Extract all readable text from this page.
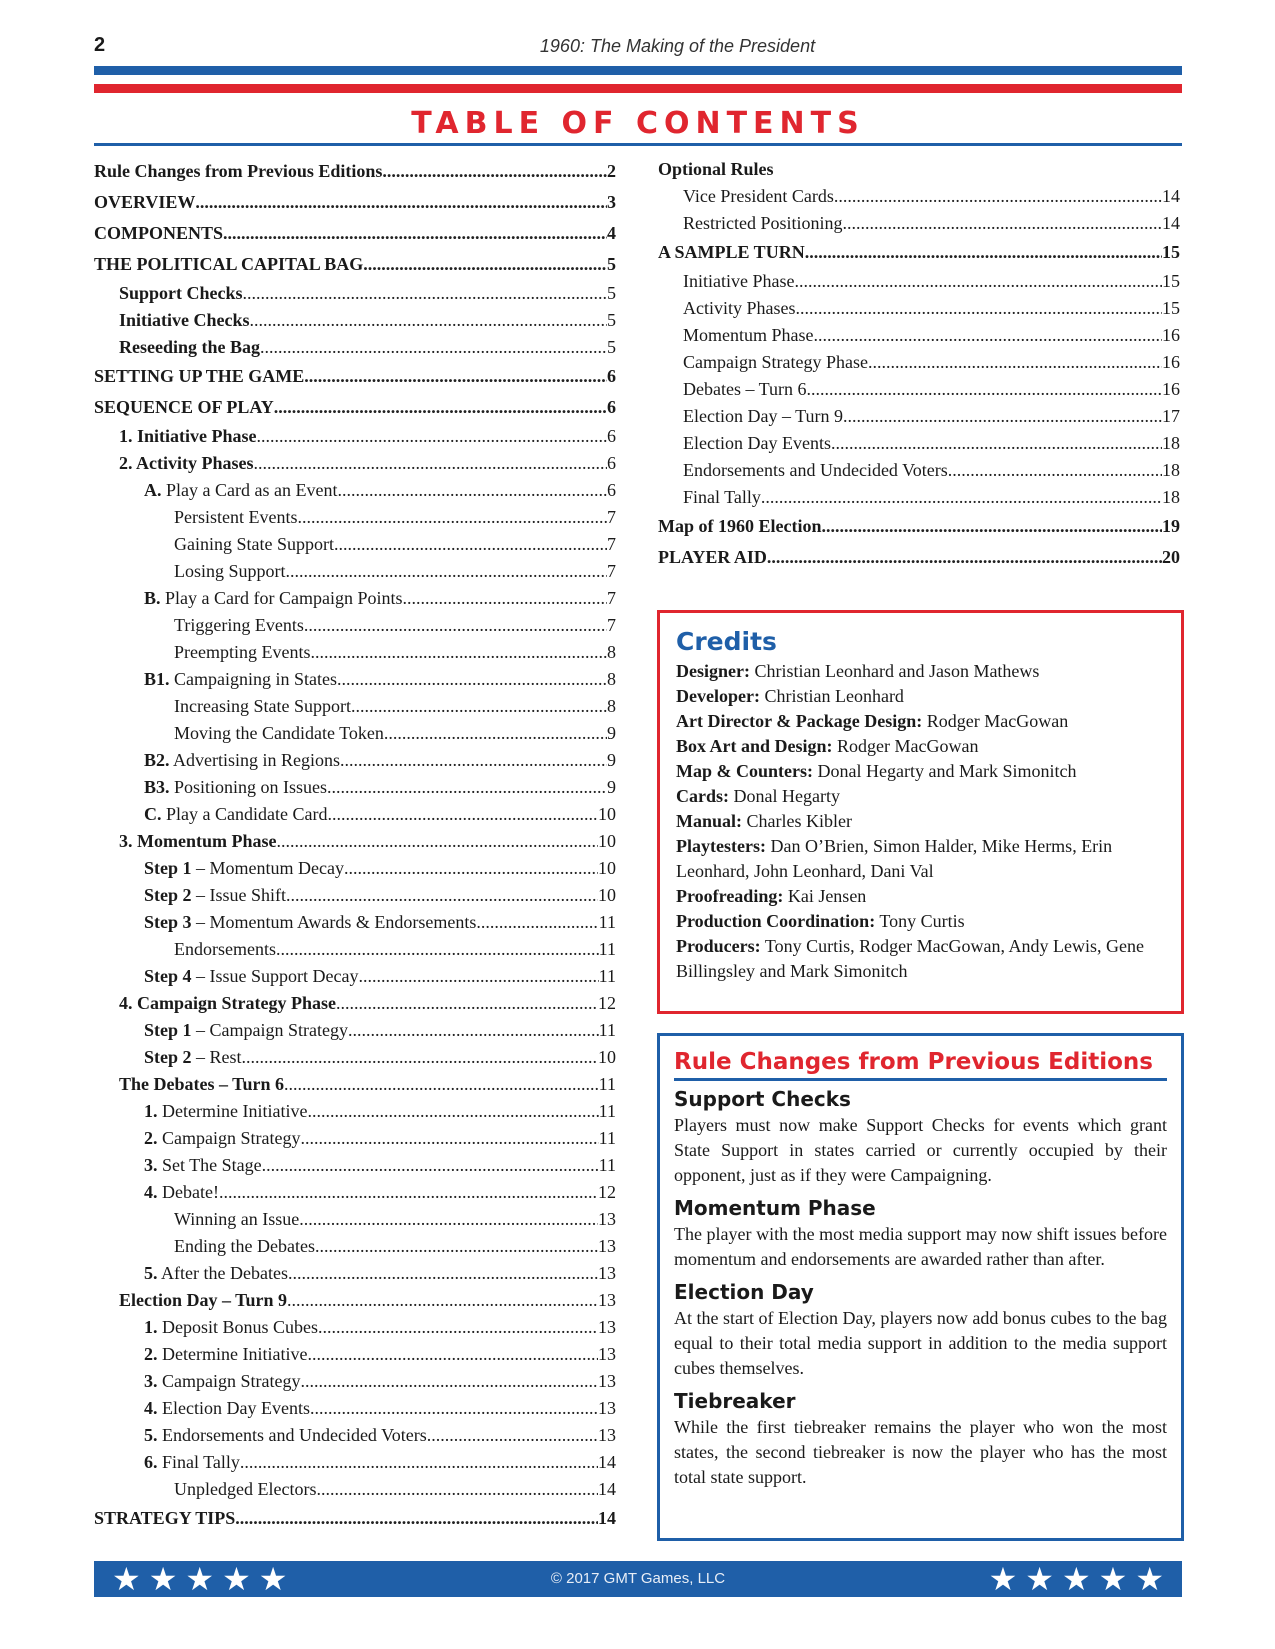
2	1960: The Making of the President
TABLE OF CONTENTS
Rule Changes from Previous Editions .....	2
OVERVIEW .....	3
COMPONENTS .....	4
THE POLITICAL CAPITAL BAG .....	5
Support Checks .....	5
Initiative Checks .....	5
Reseeding the Bag .....	5
SETTING UP THE GAME .....	6
SEQUENCE OF PLAY .....	6
1. Initiative Phase .....	6
2. Activity Phases .....	6
A. Play a Card as an Event .....	6
Persistent Events .....	7
Gaining State Support .....	7
Losing Support .....	7
B. Play a Card for Campaign Points .....	7
Triggering Events .....	7
Preempting Events .....	8
B1. Campaigning in States .....	8
Increasing State Support .....	8
Moving the Candidate Token .....	9
B2. Advertising in Regions .....	9
B3. Positioning on Issues .....	9
C. Play a Candidate Card .....	10
3. Momentum Phase .....	10
Step 1 – Momentum Decay .....	10
Step 2 – Issue Shift .....	10
Step 3 – Momentum Awards & Endorsements .....	11
Endorsements .....	11
Step 4 – Issue Support Decay .....	11
4. Campaign Strategy Phase .....	12
Step 1 – Campaign Strategy .....	11
Step 2 – Rest .....	10
The Debates – Turn 6 .....	11
1. Determine Initiative .....	11
2. Campaign Strategy .....	11
3. Set The Stage .....	11
4. Debate! .....	12
Winning an Issue .....	13
Ending the Debates .....	13
5. After the Debates .....	13
Election Day – Turn 9 .....	13
1. Deposit Bonus Cubes .....	13
2. Determine Initiative .....	13
3. Campaign Strategy .....	13
4. Election Day Events .....	13
5. Endorsements and Undecided Voters .....	13
6. Final Tally .....	14
Unpledged Electors .....	14
STRATEGY TIPS .....	14
Optional Rules
Vice President Cards .....	14
Restricted Positioning .....	14
A SAMPLE TURN .....	15
Initiative Phase .....	15
Activity Phases .....	15
Momentum Phase .....	16
Campaign Strategy Phase .....	16
Debates – Turn 6 .....	16
Election Day – Turn 9 .....	17
Election Day Events .....	18
Endorsements and Undecided Voters .....	18
Final Tally .....	18
Map of 1960 Election .....	19
PLAYER AID .....	20
Credits
Designer: Christian Leonhard and Jason Mathews
Developer: Christian Leonhard
Art Director & Package Design: Rodger MacGowan
Box Art and Design: Rodger MacGowan
Map & Counters: Donal Hegarty and Mark Simonitch
Cards: Donal Hegarty
Manual: Charles Kibler
Playtesters: Dan O’Brien, Simon Halder, Mike Herms, Erin Leonhard, John Leonhard, Dani Val
Proofreading: Kai Jensen
Production Coordination: Tony Curtis
Producers: Tony Curtis, Rodger MacGowan, Andy Lewis, Gene Billingsley and Mark Simonitch
Rule Changes from Previous Editions
Support Checks
Players must now make Support Checks for events which grant State Support in states carried or currently occupied by their opponent, just as if they were Campaigning.
Momentum Phase
The player with the most media support may now shift issues before momentum and endorsements are awarded rather than after.
Election Day
At the start of Election Day, players now add bonus cubes to the bag equal to their total media support in addition to the media support cubes themselves.
Tiebreaker
While the first tiebreaker remains the player who won the most states, the second tiebreaker is now the player who has the most total state support.
★ ★ ★ ★ ★	© 2017 GMT Games, LLC	★ ★ ★ ★ ★
